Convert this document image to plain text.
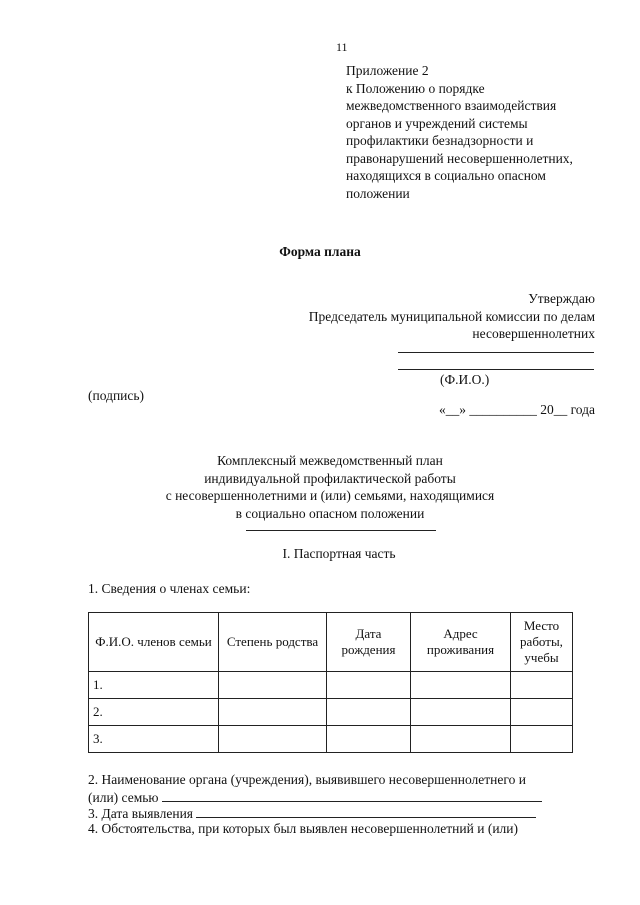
11
Приложение 2
к Положению о порядке
межведомственного взаимодействия
органов и учреждений системы
профилактики безнадзорности и
правонарушений несовершеннолетних,
находящихся в социально опасном
положении
Форма плана
Утверждаю
Председатель муниципальной комиссии по делам
несовершеннолетних
(Ф.И.О.)
(подпись)
«__» __________ 20__ года
Комплексный межведомственный план
индивидуальной профилактической работы
с несовершеннолетними и (или) семьями, находящимися
в социально опасном положении
I. Паспортная часть
1. Сведения о членах семьи:
Ф.И.О. членов семьи	Степень родства	Дата рождения	Адрес проживания	Место работы, учебы
1.				
2.				
3.				
2. Наименование органа (учреждения), выявившего несовершеннолетнего и
(или) семью
3. Дата выявления
4. Обстоятельства, при которых был выявлен несовершеннолетний и (или)
